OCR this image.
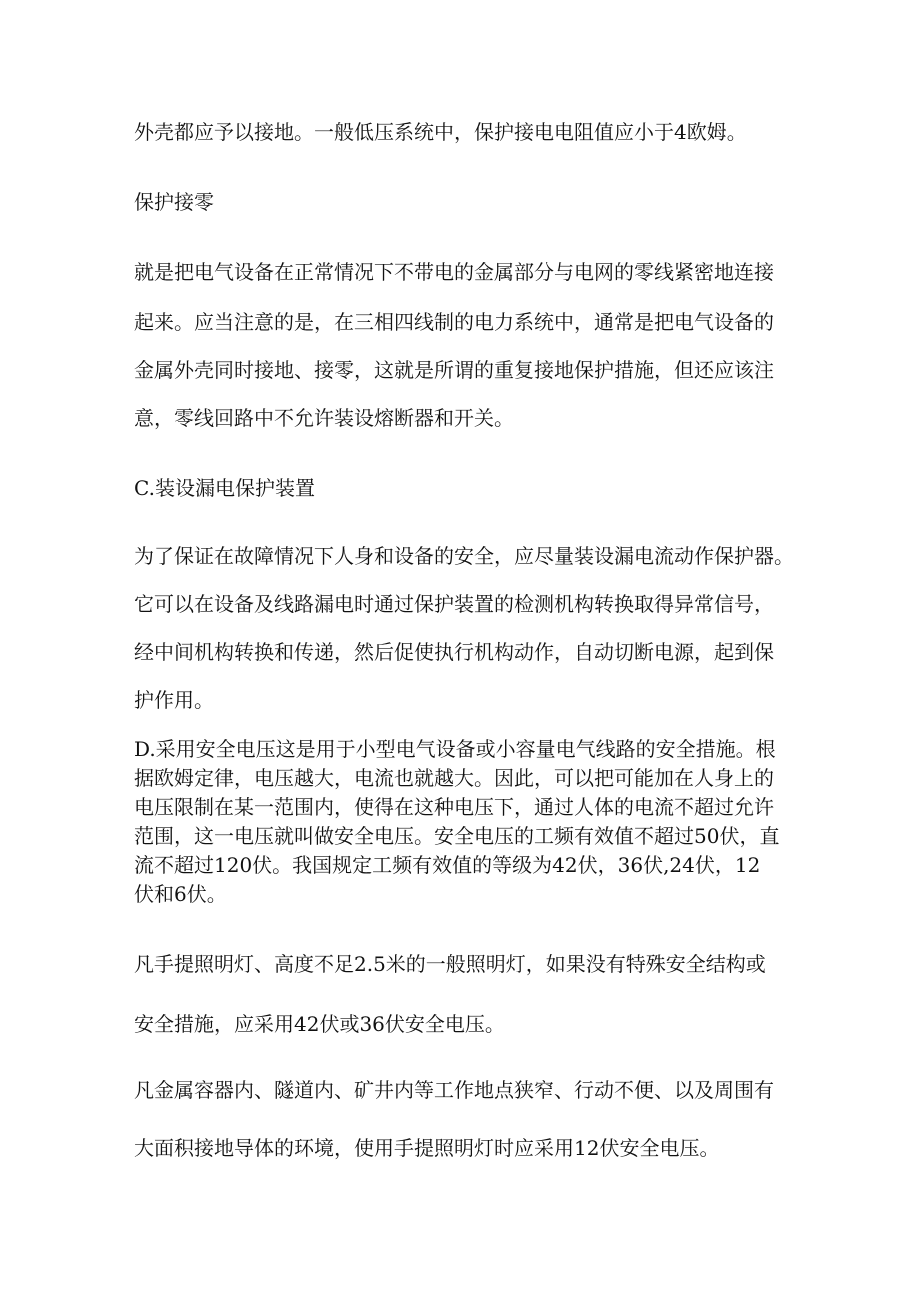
外壳都应予以接地。一般低压系统中，保护接电电阻值应小于4欧姆。
保护接零
就是把电气设备在正常情况下不带电的金属部分与电网的零线紧密地连接
起来。应当注意的是，在三相四线制的电力系统中，通常是把电气设备的
金属外壳同时接地、接零，这就是所谓的重复接地保护措施，但还应该注
意，零线回路中不允许装设熔断器和开关。
C.装设漏电保护装置
为了保证在故障情况下人身和设备的安全，应尽量装设漏电流动作保护器。
它可以在设备及线路漏电时通过保护装置的检测机构转换取得异常信号，
经中间机构转换和传递，然后促使执行机构动作，自动切断电源，起到保
护作用。
D.采用安全电压这是用于小型电气设备或小容量电气线路的安全措施。根
据欧姆定律，电压越大，电流也就越大。因此，可以把可能加在人身上的
电压限制在某一范围内，使得在这种电压下，通过人体的电流不超过允许
范围，这一电压就叫做安全电压。安全电压的工频有效值不超过50伏，直
流不超过120伏。我国规定工频有效值的等级为42伏，36伏,24伏，12
伏和6伏。
凡手提照明灯、高度不足2.5米的一般照明灯，如果没有特殊安全结构或
安全措施，应采用42伏或36伏安全电压。
凡金属容器内、隧道内、矿井内等工作地点狭窄、行动不便、以及周围有
大面积接地导体的环境，使用手提照明灯时应采用12伏安全电压。
